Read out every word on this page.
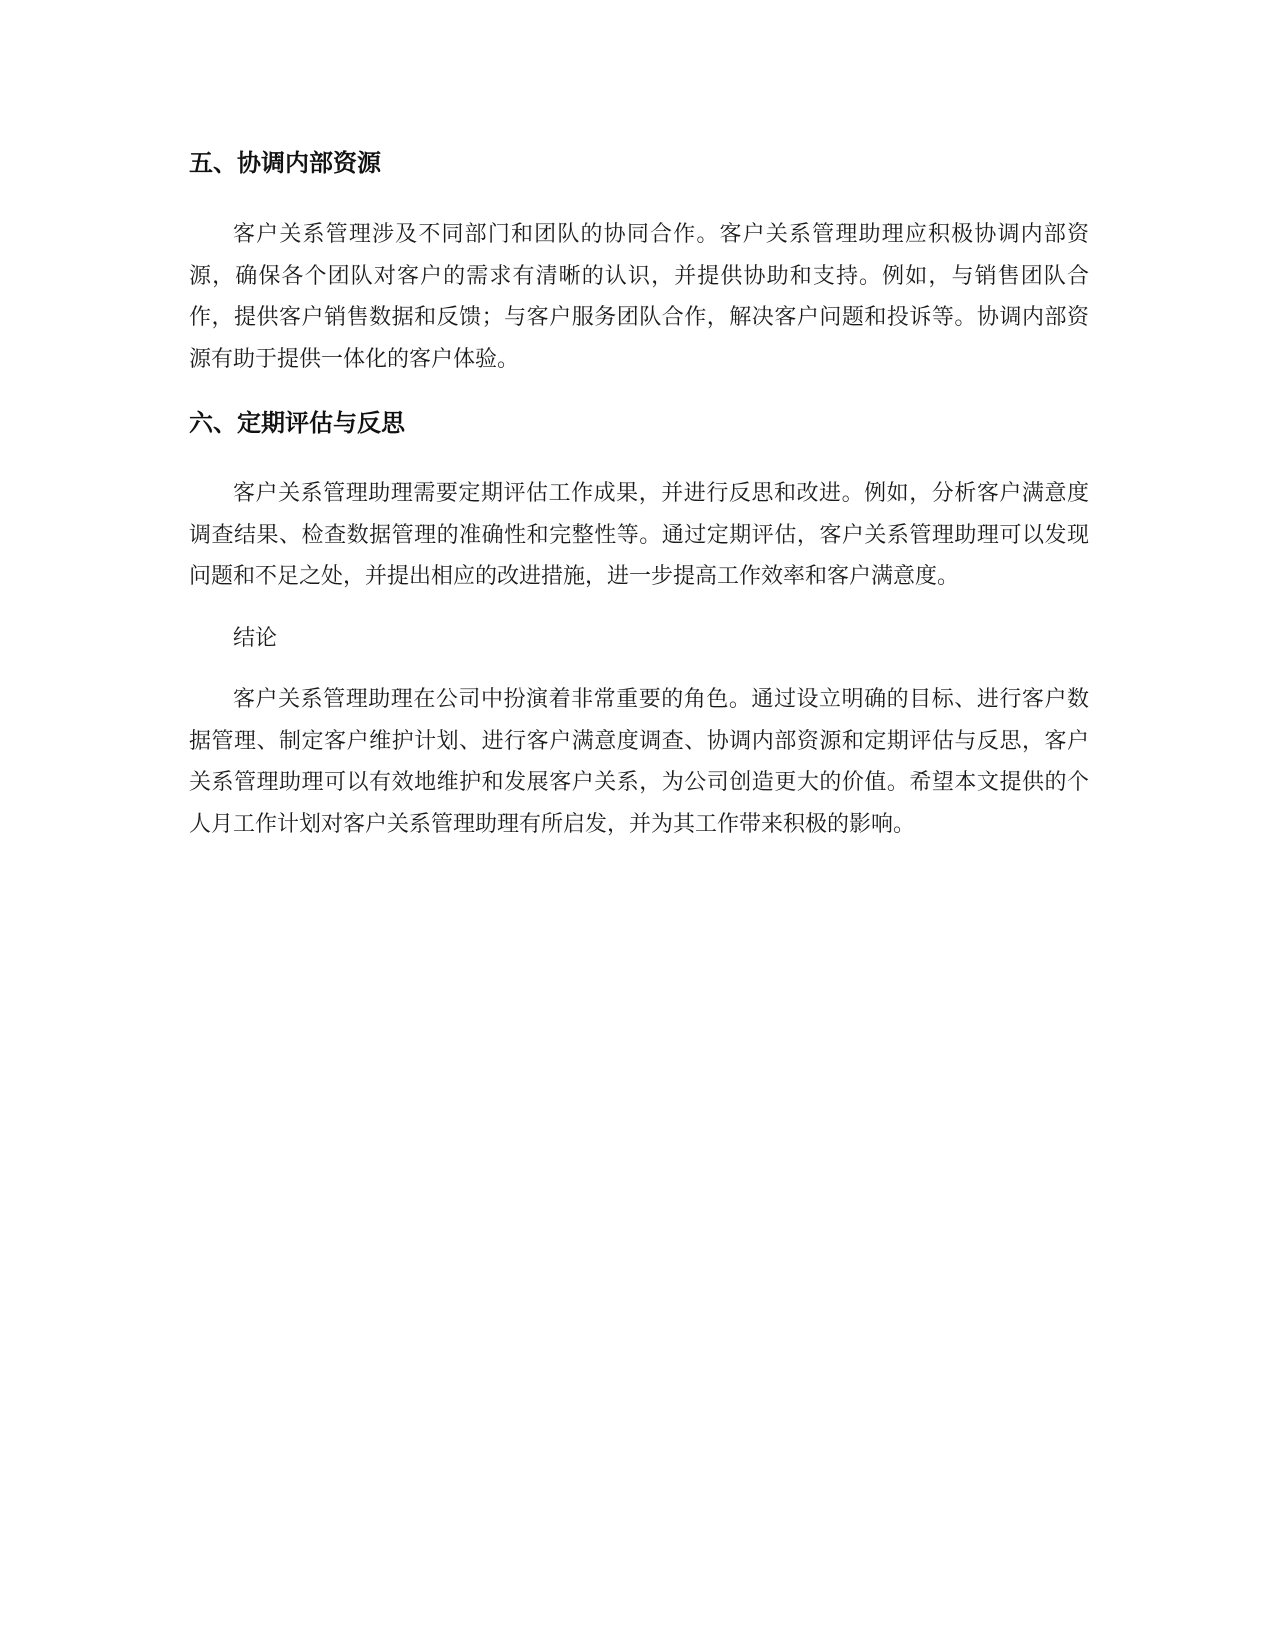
五、协调内部资源

客户关系管理涉及不同部门和团队的协同合作。客户关系管理助理应积极协调内部资源，确保各个团队对客户的需求有清晰的认识，并提供协助和支持。例如，与销售团队合作，提供客户销售数据和反馈；与客户服务团队合作，解决客户问题和投诉等。协调内部资源有助于提供一体化的客户体验。

六、定期评估与反思

客户关系管理助理需要定期评估工作成果，并进行反思和改进。例如，分析客户满意度调查结果、检查数据管理的准确性和完整性等。通过定期评估，客户关系管理助理可以发现问题和不足之处，并提出相应的改进措施，进一步提高工作效率和客户满意度。

结论

客户关系管理助理在公司中扮演着非常重要的角色。通过设立明确的目标、进行客户数据管理、制定客户维护计划、进行客户满意度调查、协调内部资源和定期评估与反思，客户关系管理助理可以有效地维护和发展客户关系，为公司创造更大的价值。希望本文提供的个人月工作计划对客户关系管理助理有所启发，并为其工作带来积极的影响。
